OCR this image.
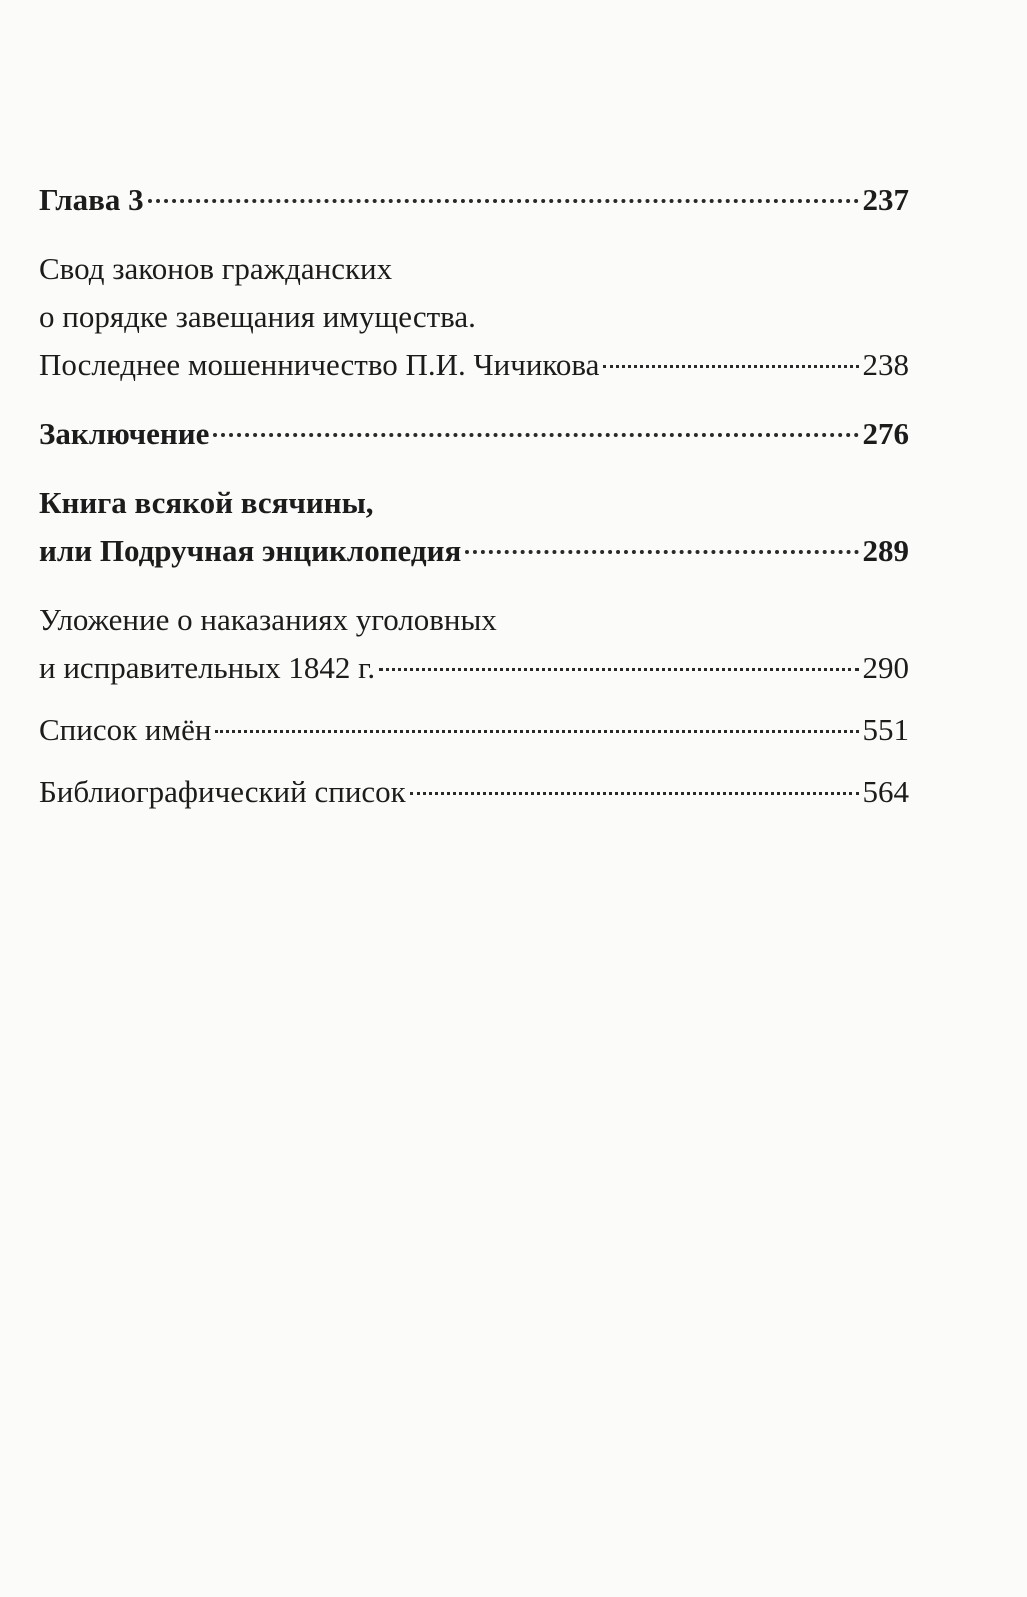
Глава 3	237
Свод законов гражданских
о порядке завещания имущества.
Последнее мошенничество П.И. Чичикова	238
Заключение	276
Книга всякой всячины,
или Подручная энциклопедия	289
Уложение о наказаниях уголовных
и исправительных 1842 г.	290
Список имён	551
Библиографический список	564
